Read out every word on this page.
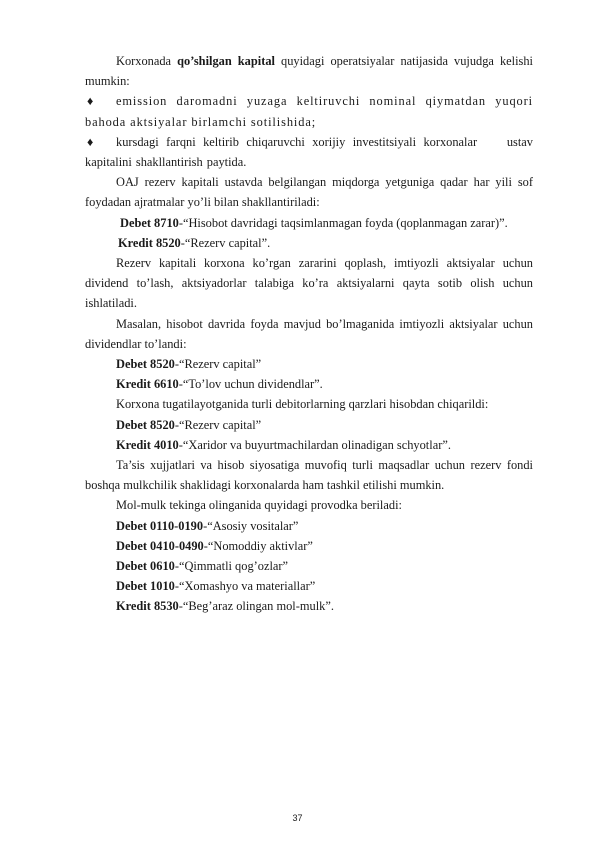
Korxonada qo’shilgan kapital quyidagi operatsiyalar natijasida vujudga kelishi mumkin:

♦ emission daromadni yuzaga keltiruvchi nominal qiymatdan yuqori bahoda aktsiyalar birlamchi sotilishida;

♦ kursdagi farqni keltirib chiqaruvchi xorijiy investitsiyali korxonalar    ustav kapitalini shakllantirish paytida.

OAJ rezerv kapitali ustavda belgilangan miqdorga yetguniga qadar har yili sof foydadan ajratmalar yo’li bilan shakllantiriladi:

Debet 8710-“Hisobot davridagi taqsimlanmagan foyda (qoplanmagan zarar)”.

Kredit 8520-“Rezerv capital”.

Rezerv kapitali korxona ko’rgan zararini qoplash, imtiyozli aktsiyalar uchun dividend to’lash, aktsiyadorlar talabiga ko’ra aktsiyalarni qayta sotib olish uchun ishlatiladi.

Masalan, hisobot davrida foyda mavjud bo’lmaganida imtiyozli aktsiyalar uchun dividendlar to’landi:

Debet 8520-“Rezerv capital”

Kredit 6610-“To’lov uchun dividendlar”.

Korxona tugatilayotganida turli debitorlarning qarzlari hisobdan chiqarildi:

Debet 8520-“Rezerv capital”

Kredit 4010-“Xaridor va buyurtmachilardan olinadigan schyotlar”.

Ta’sis xujjatlari va hisob siyosatiga muvofiq turli maqsadlar uchun rezerv fondi boshqa mulkchilik shaklidagi korxonalarda ham tashkil etilishi mumkin.

Mol-mulk tekinga olinganida quyidagi provodka beriladi:

Debet 0110-0190-“Asosiy vositalar”

Debet 0410-0490-“Nomoddiy aktivlar”

Debet 0610-“Qimmatli qog’ozlar”

Debet 1010-“Xomashyo va materiallar”

Kredit 8530-“Beg’araz olingan mol-mulk”.

37
